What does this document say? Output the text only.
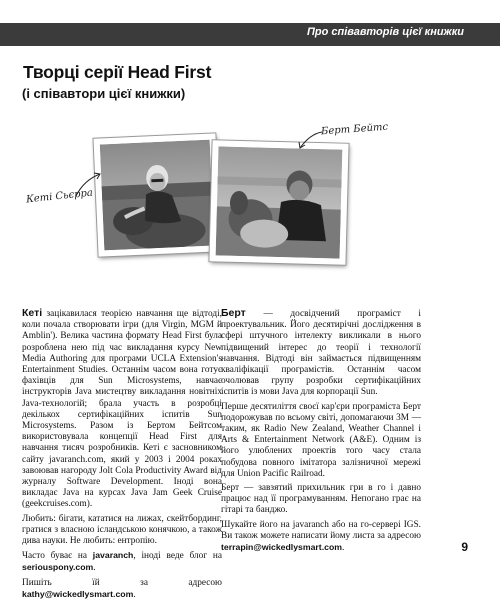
Про співавторів цієї книжки
Творці серії Head First
(і співавтори цієї книжки)
Кеті Сьєрра
Берт Бейтс

Кеті зацікавилася теорією навчання ще відтоді, коли почала створювати ігри (для Virgin, MGM й Amblin'). Велика частина формату Head First була розроблена нею під час викладання курсу New Media Authoring для програми UCLA Extension's Entertainment Studies. Останнім часом вона готує фахівців для Sun Microsystems, навчає інструкторів Java мистецтву викладання новітніх Java-технологій; брала участь в розробці декількох сертифікаційних іспитів Sun Microsystems. Разом із Бертом Бейтсом використовувала концепції Head First для навчання тисяч розробників. Кеті є засновником сайту javaranch.com, який у 2003 і 2004 роках завоював нагороду Jolt Cola Productivity Award від журналу Software Development. Іноді вона викладає Java на курсах Java Jam Geek Cruise (geekcruises.com).

Любить: бігати, кататися на лижах, скейтбординг, гратися з власною ісландською конячкою, а також дива науки. Не любить: ентропію.

Часто буває на javaranch, іноді веде блог на seriouspony.com.

Пишіть їй за адресою kathy@wickedlysmart.com.

Берт — досвідчений програміст і проектувальник. Його десятирічні дослідження в сфері штучного інтелекту викликали в нього підвищений інтерес до теорії і технології навчання. Відтоді він займається підвищенням кваліфікації програмістів. Останнім часом очолював групу розробки сертифікаційних іспитів із мови Java для корпорації Sun.

Перше десятиліття своєї кар'єри програміста Берт подорожував по всьому світі, допомагаючи 3М — таким, як Radio New Zealand, Weather Channel і Arts & Entertainment Network (A&E). Одним із його улюблених проектів того часу стала побудова повного імітатора залізничної мережі для Union Pacific Railroad.

Берт — завзятий прихильник гри в го і давно працює над її програмуванням. Непогано грає на гітарі та банджо.

Шукайте його на javaranch або на го-сервері IGS. Ви також можете написати йому листа за адресою terrapin@wickedlysmart.com.	9
